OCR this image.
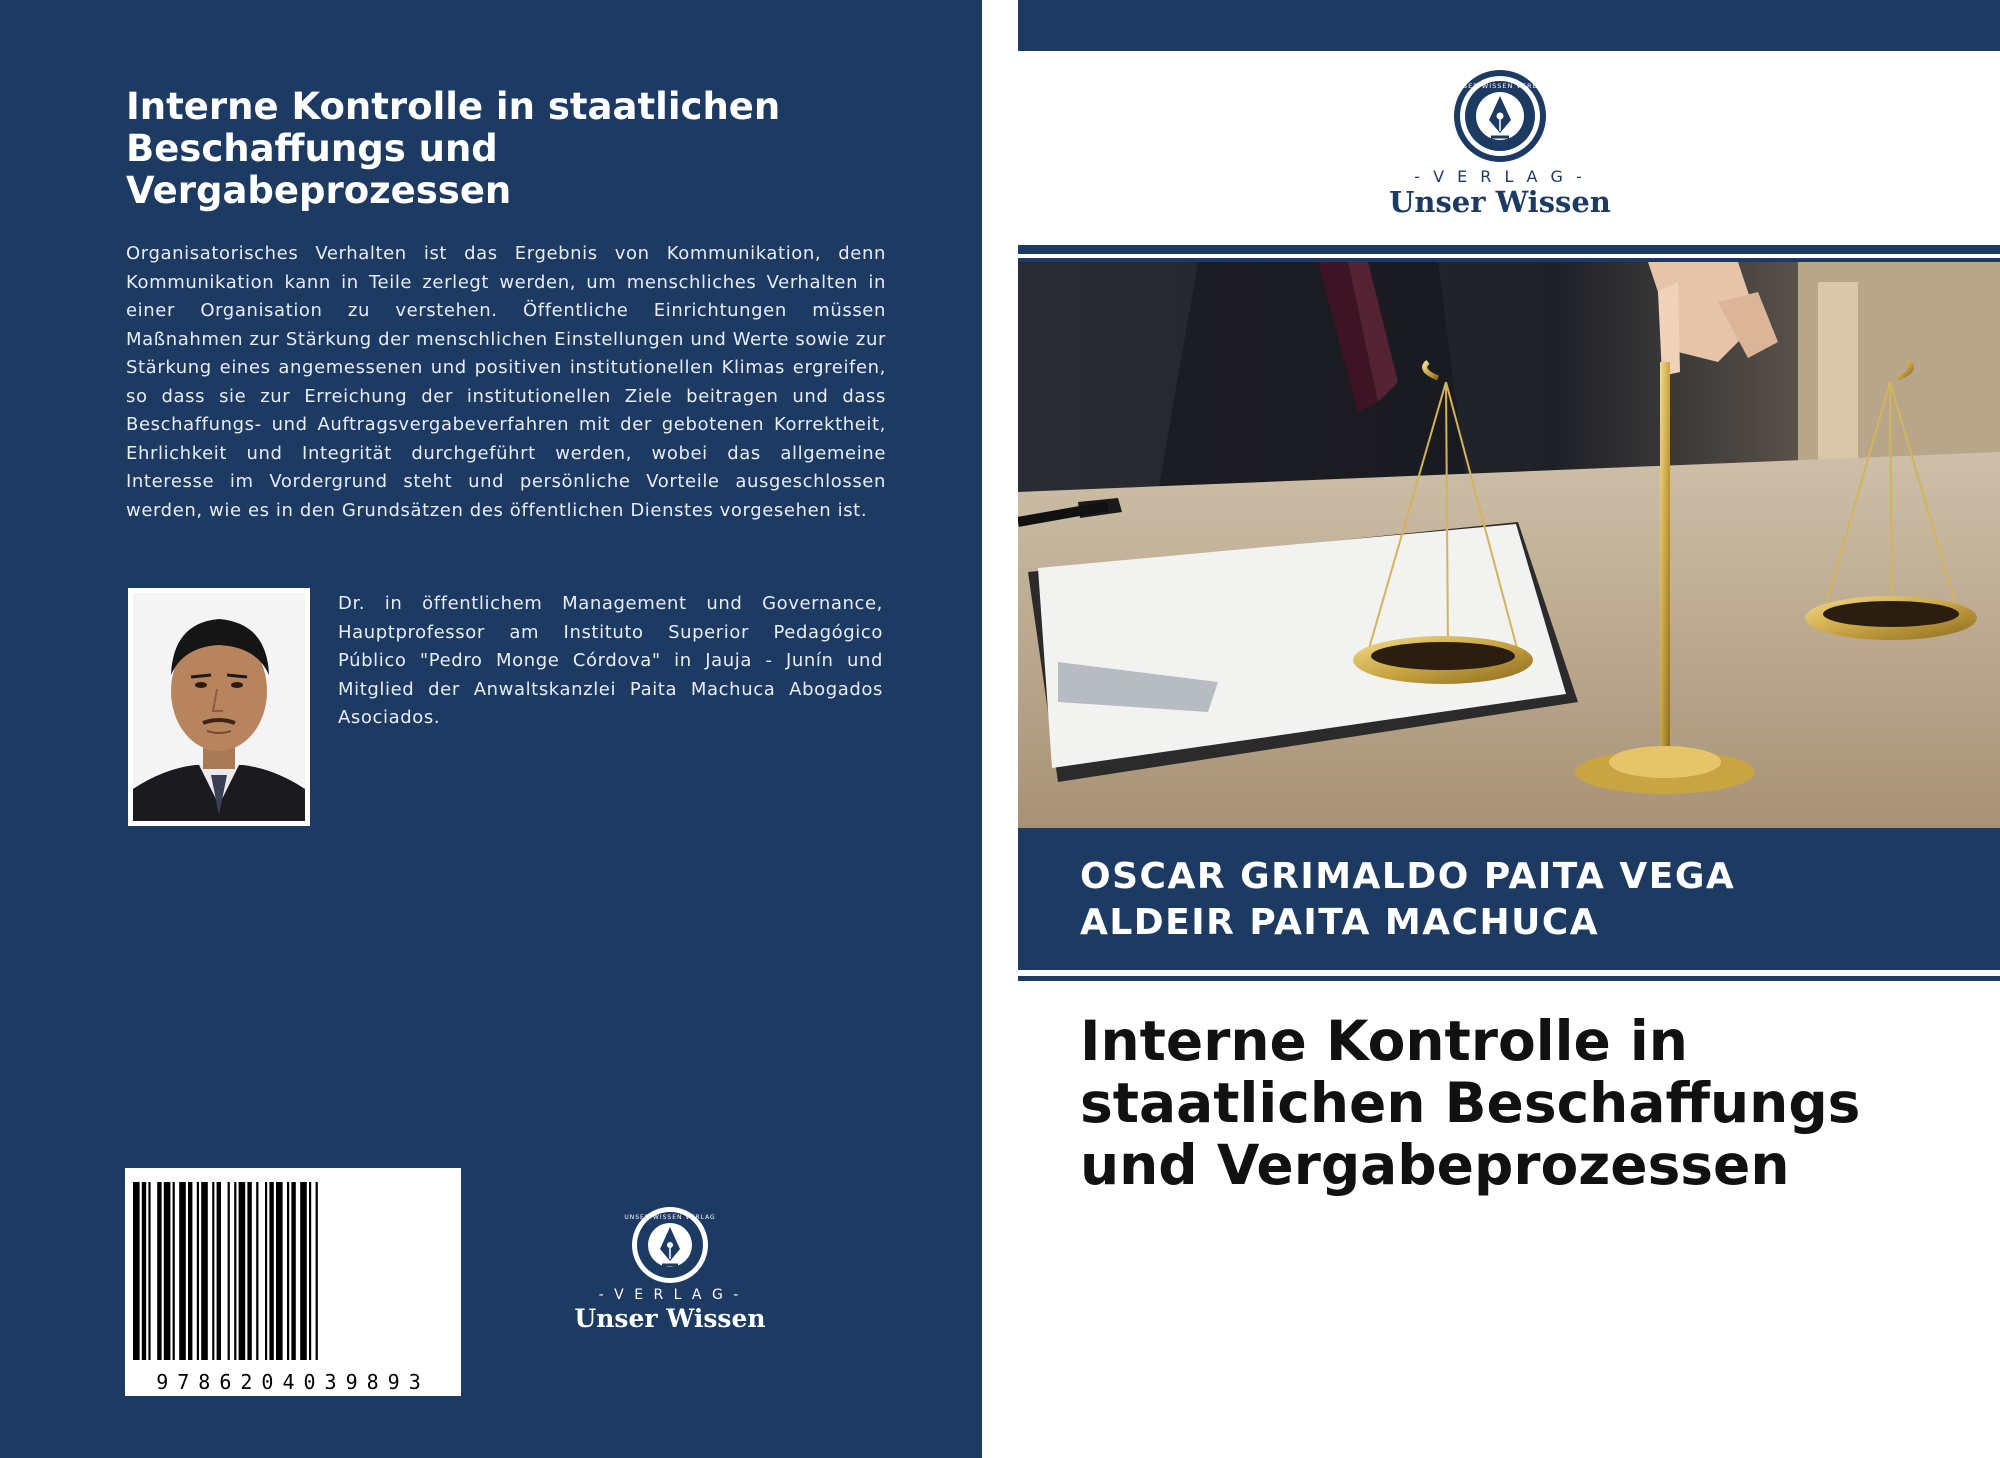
Interne Kontrolle in staatlichen Beschaffungs und Vergabeprozessen

Organisatorisches Verhalten ist das Ergebnis von Kommunikation, denn Kommunikation kann in Teile zerlegt werden, um menschliches Verhalten in einer Organisation zu verstehen. Öffentliche Einrichtungen müssen Maßnahmen zur Stärkung der menschlichen Einstellungen und Werte sowie zur Stärkung eines angemessenen und positiven institutionellen Klimas ergreifen, so dass sie zur Erreichung der institutionellen Ziele beitragen und dass Beschaffungs- und Auftragsvergabeverfahren mit der gebotenen Korrektheit, Ehrlichkeit und Integrität durchgeführt werden, wobei das allgemeine Interesse im Vordergrund steht und persönliche Vorteile ausgeschlossen werden, wie es in den Grundsätzen des öffentlichen Dienstes vorgesehen ist.

Dr. in öffentlichem Management und Governance, Hauptprofessor am Instituto Superior Pedagógico Público "Pedro Monge Córdova" in Jauja - Junín und Mitglied der Anwaltskanzlei Paita Machuca Abogados Asociados.

9786204039893
UNSER WISSEN VERLAG
- V E R L A G -
Unser Wissen
UNSER WISSEN VERLAG
- V E R L A G -
Unser Wissen

OSCAR GRIMALDO PAITA VEGA

ALDEIR PAITA MACHUCA

Interne Kontrolle in staatlichen Beschaffungs und Vergabeprozessen
